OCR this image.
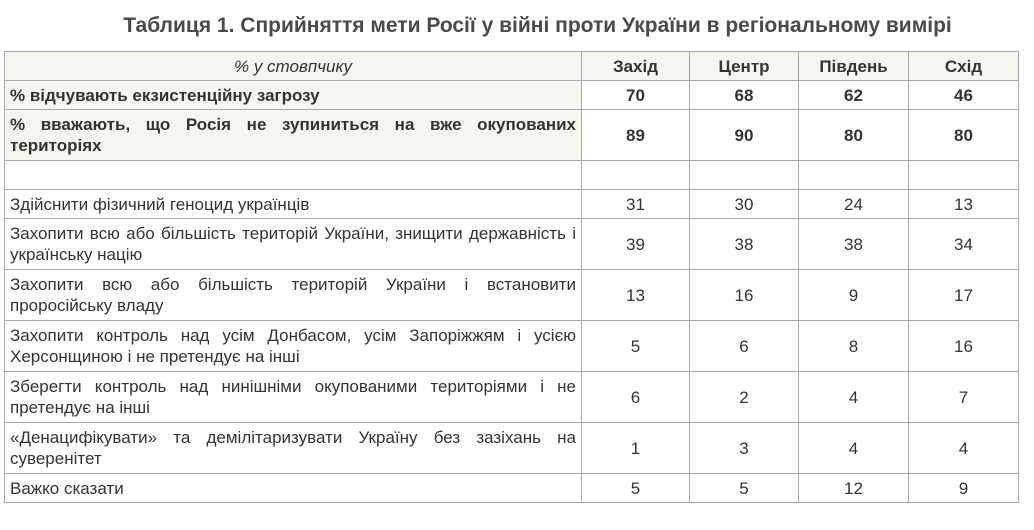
Таблиця 1. Сприйняття мети Росії у війні проти України в регіональному вимірі
% у стовпчику	Захід	Центр	Південь	Схід
% відчувають екзистенційну загрозу	70	68	62	46
% вважають, що Росія не зупиниться на вже окупованих територіях	89	90	80	80

Здійснити фізичний геноцид українців	31	30	24	13
Захопити всю або більшість територій України, знищити державність і українську націю	39	38	38	34
Захопити всю або більшість територій України і встановити проросійську владу	13	16	9	17
Захопити контроль над усім Донбасом, усім Запоріжжям і усією Херсонщиною і не претендує на інші	5	6	8	16
Зберегти контроль над нинішніми окупованими територіями і не претендує на інші	6	2	4	7
«Денацифікувати» та демілітаризувати Україну без зазіхань на суверенітет	1	3	4	4
Важко сказати	5	5	12	9
